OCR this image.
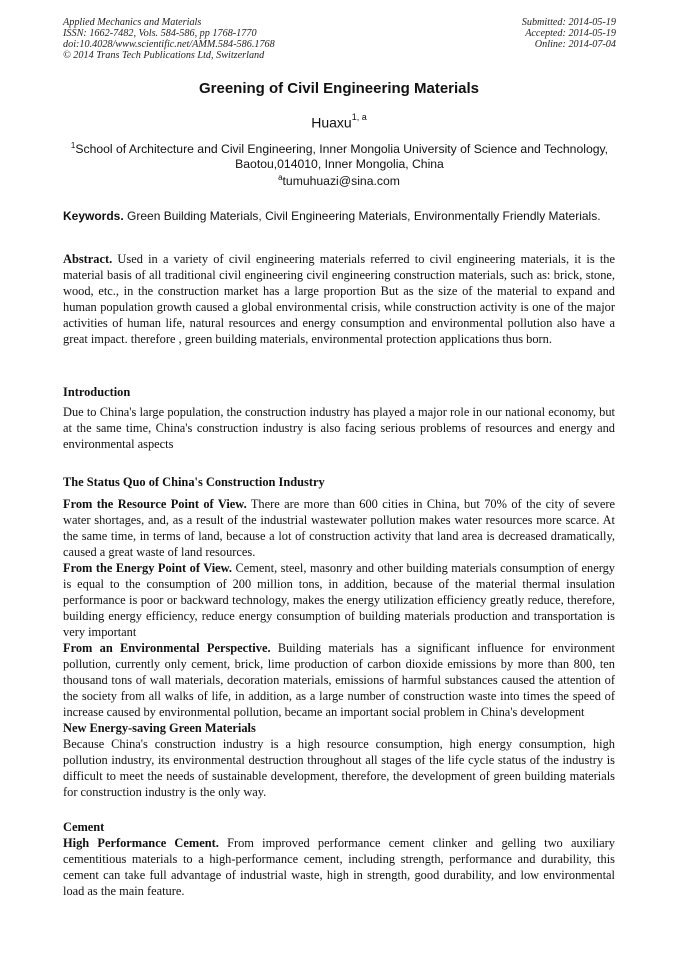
Applied Mechanics and Materials
ISSN: 1662-7482, Vols. 584-586, pp 1768-1770
doi:10.4028/www.scientific.net/AMM.584-586.1768
© 2014 Trans Tech Publications Ltd, Switzerland
Submitted: 2014-05-19
Accepted: 2014-05-19
Online: 2014-07-04
Greening of Civil Engineering Materials
Huaxu$^{1, a}$
$^1$School of Architecture and Civil Engineering, Inner Mongolia University of Science and Technology, Baotou,014010, Inner Mongolia, China
$^a$tumuhuazi@sina.com
Keywords. Green Building Materials, Civil Engineering Materials, Environmentally Friendly Materials.
Abstract. Used in a variety of civil engineering materials referred to civil engineering materials, it is the material basis of all traditional civil engineering civil engineering construction materials, such as: brick, stone, wood, etc., in the construction market has a large proportion But as the size of the material to expand and human population growth caused a global environmental crisis, while construction activity is one of the major activities of human life, natural resources and energy consumption and environmental pollution also have a great impact. therefore , green building materials, environmental protection applications thus born.
Introduction
Due to China's large population, the construction industry has played a major role in our national economy, but at the same time, China's construction industry is also facing serious problems of resources and energy and environmental aspects
The Status Quo of China's Construction Industry

From the Resource Point of View. There are more than 600 cities in China, but 70% of the city of severe water shortages, and, as a result of the industrial wastewater pollution makes water resources more scarce. At the same time, in terms of land, because a lot of construction activity that land area is decreased dramatically, caused a great waste of land resources.

From the Energy Point of View. Cement, steel, masonry and other building materials consumption of energy is equal to the consumption of 200 million tons, in addition, because of the material thermal insulation performance is poor or backward technology, makes the energy utilization efficiency greatly reduce, therefore, building energy efficiency, reduce energy consumption of building materials production and transportation is very important

From an Environmental Perspective. Building materials has a significant influence for environment pollution, currently only cement, brick, lime production of carbon dioxide emissions by more than 800, ten thousand tons of wall materials, decoration materials, emissions of harmful substances caused the attention of the society from all walks of life, in addition, as a large number of construction waste into times the speed of increase caused by environmental pollution, became an important social problem in China's development

New Energy-saving Green Materials

Because China's construction industry is a high resource consumption, high energy consumption, high pollution industry, its environmental destruction throughout all stages of the life cycle status of the industry is difficult to meet the needs of sustainable development, therefore, the development of green building materials for construction industry is the only way.

Cement

High Performance Cement. From improved performance cement clinker and gelling two auxiliary cementitious materials to a high-performance cement, including strength, performance and durability, this cement can take full advantage of industrial waste, high in strength, good durability, and low environmental load as the main feature.
